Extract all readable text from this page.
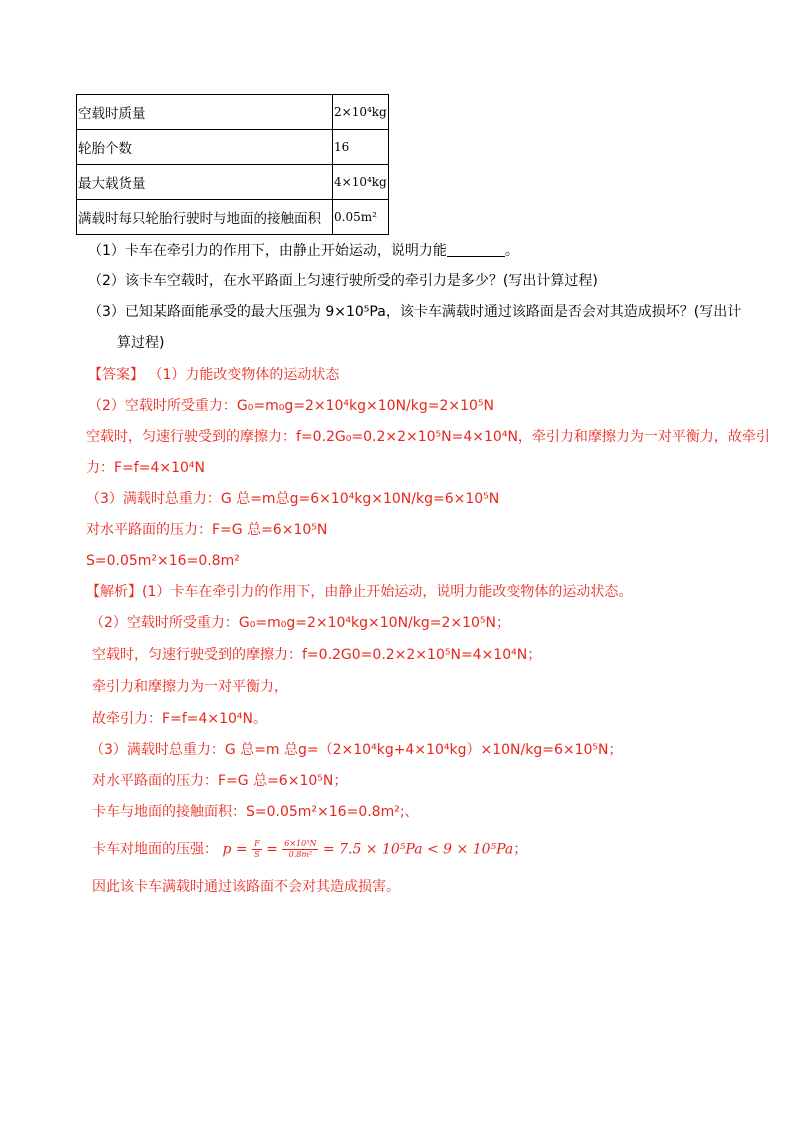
空载时质量	2×10⁴kg
轮胎个数	16
最大载货量	4×10⁴kg
满载时每只轮胎行驶时与地面的接触面积	0.05m²
（1）卡车在牵引力的作用下，由静止开始运动，说明力能	。
（2）该卡车空载时，在水平路面上匀速行驶所受的牵引力是多少？(写出计算过程)
（3）已知某路面能承受的最大压强为 9×10⁵Pa，该卡车满载时通过该路面是否会对其造成损坏？(写出计
算过程)
【答案】 （1）力能改变物体的运动状态
（2）空载时所受重力：G₀=m₀g=2×10⁴kg×10N/kg=2×10⁵N
空载时，匀速行驶受到的摩擦力：f=0.2G₀=0.2×2×10⁵N=4×10⁴N，牵引力和摩擦力为一对平衡力，故牵引
力：F=f=4×10⁴N
（3）满载时总重力：G 总=m总g=6×10⁴kg×10N/kg=6×10⁵N
对水平路面的压力：F=G 总=6×10⁵N
S=0.05m²×16=0.8m²
【解析】(1）卡车在牵引力的作用下，由静止开始运动，说明力能改变物体的运动状态。
（2）空载时所受重力：G₀=m₀g=2×10⁴kg×10N/kg=2×10⁵N；
空载时，匀速行驶受到的摩擦力：f=0.2G0=0.2×2×10⁵N=4×10⁴N；
牵引力和摩擦力为一对平衡力，
故牵引力：F=f=4×10⁴N。
（3）满载时总重力：G 总=m 总g=（2×10⁴kg+4×10⁴kg）×10N/kg=6×10⁵N；
对水平路面的压力：F=G 总=6×10⁵N；
卡车与地面的接触面积：S=0.05m²×16=0.8m²;、
卡车对地面的压强： $p = \frac{F}{S} = \frac{\text{6×10⁵N}}{\text{0.8m²}} = 7.5 \times 10^5Pa < 9 \times 10^5Pa$；
因此该卡车满载时通过该路面不会对其造成损害。
